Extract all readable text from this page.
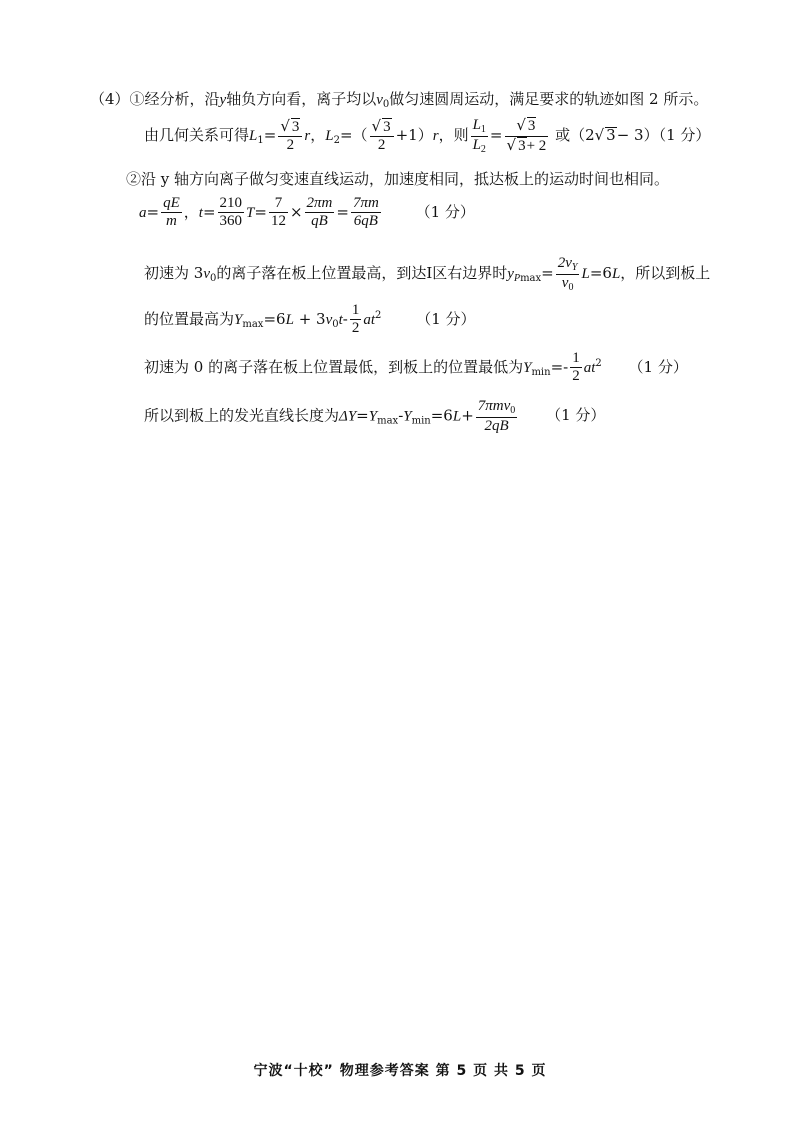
（4）①经分析，沿y轴负方向看，离子均以$v_0$做匀速圆周运动，满足要求的轨迹如图 2 所示。
由几何关系可得$L_1= \frac{√ 3}{2}$ r，$L_2=( \frac{√ 3}{2} +1)r$，则 $\frac{L_1}{L_2} = \frac{√ 3}{√ 3+ 2}$ 或（2√ 3− 3）（1 分）
②沿 y 轴方向离子做匀变速直线运动，加速度相同，抵达板上的运动时间也相同。
$a= \frac{qE}{m}$ ，$t= \frac{210}{360} T= \frac{7}{12} \times \frac{2\pi m}{qB} = \frac{7\pi m}{6qB} (1$ 分）
初速为 $3v_0$的离子落在板上位置最高，到达I区右边界时$y_{Pmax}= \frac{2v_Y}{v_0} L=6L$，所以到板上
的位置最高为$Y_{max}=6L + 3v_0t- \frac{1}{2} at^2$ （1 分）
初速为 0 的离子落在板上位置最低，到板上的位置最低为$Y_{min}=- \frac{1}{2} at^2$ （1 分）
所以到板上的发光直线长度为$\Delta Y=Y_{max}-Y_{min}=6L+ \frac{7\pi mv_0}{2qB} (1$ 分）
宁波“十校” 物理参考答案 第 5 页 共 5 页
